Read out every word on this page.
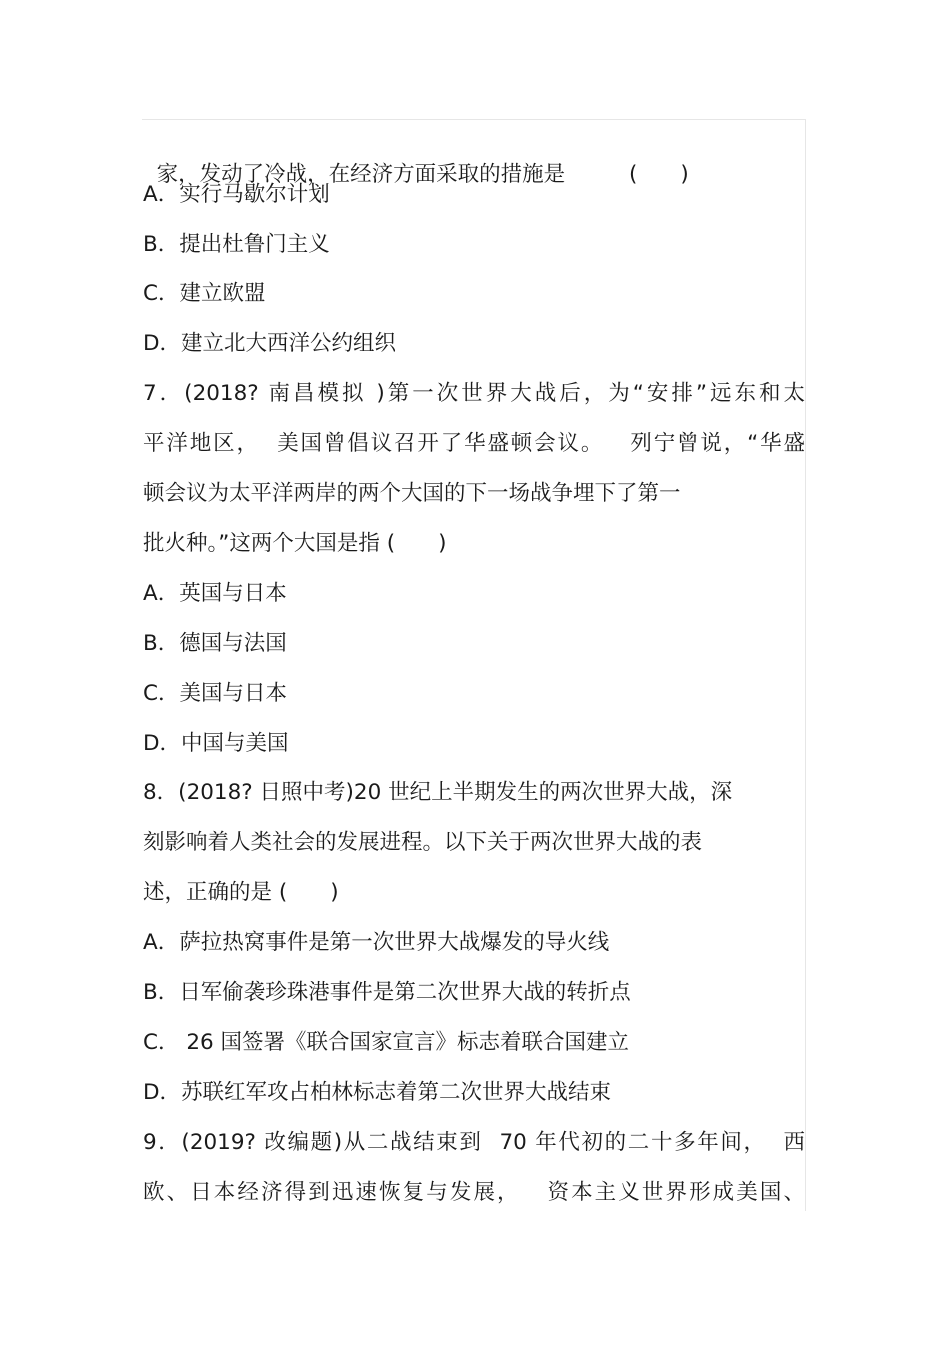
家，发动了冷战，在经济方面采取的措施是	(　　)

A．实行马歇尔计划
B．提出杜鲁门主义
C．建立欧盟
D．建立北大西洋公约组织
7．(2018? 南昌模拟 )第一次世界大战后，为“安排”远东和太
平洋地区，  美国曾倡议召开了华盛顿会议。   列宁曾说，“华盛
顿会议为太平洋两岸的两个大国的下一场战争埋下了第一
批火种。”这两个大国是指 (　　)
A．英国与日本
B．德国与法国
C．美国与日本
D．中国与美国
8．(2018? 日照中考)20 世纪上半期发生的两次世界大战，深
刻影响着人类社会的发展进程。以下关于两次世界大战的表
述，正确的是 (　　)
A．萨拉热窝事件是第一次世界大战爆发的导火线
B．日军偷袭珍珠港事件是第二次世界大战的转折点
C． 26 国签署《联合国家宣言》标志着联合国建立
D．苏联红军攻占柏林标志着第二次世界大战结束
9．(2019? 改编题)从二战结束到  70 年代初的二十多年间，  西
欧、日本经济得到迅速恢复与发展，   资本主义世界形成美国、
